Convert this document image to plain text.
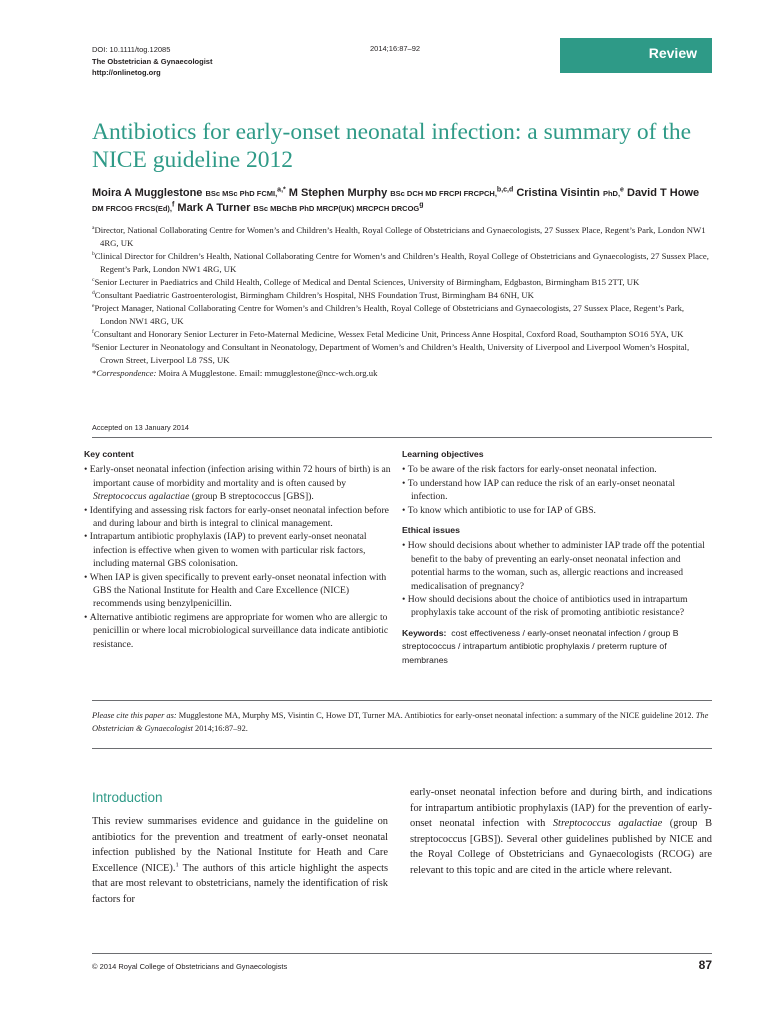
DOI: 10.1111/tog.12085
The Obstetrician & Gynaecologist
http://onlinetog.org
2014;16:87–92	Review
Antibiotics for early-onset neonatal infection: a summary of the NICE guideline 2012
Moira A Mugglestone BSc MSc PhD FCMI,$^{a,*}$ M Stephen Murphy BSc DCH MD FRCPI FRCPCH,$^{b,c,d}$ Cristina Visintin PhD,$^e$ David T Howe DM FRCOG FRCS(Ed),$^f$ Mark A Turner BSc MBChB PhD MRCP(UK) MRCPCH DRCOG$^g$
$^a$Director, National Collaborating Centre for Women’s and Children’s Health, Royal College of Obstetricians and Gynaecologists, 27 Sussex Place, Regent’s Park, London NW1 4RG, UK
$^b$Clinical Director for Children’s Health, National Collaborating Centre for Women’s and Children’s Health, Royal College of Obstetricians and Gynaecologists, 27 Sussex Place, Regent’s Park, London NW1 4RG, UK
$^c$Senior Lecturer in Paediatrics and Child Health, College of Medical and Dental Sciences, University of Birmingham, Edgbaston, Birmingham B15 2TT, UK
$^d$Consultant Paediatric Gastroenterologist, Birmingham Children’s Hospital, NHS Foundation Trust, Birmingham B4 6NH, UK
$^e$Project Manager, National Collaborating Centre for Women’s and Children’s Health, Royal College of Obstetricians and Gynaecologists, 27 Sussex Place, Regent’s Park, London NW1 4RG, UK
$^f$Consultant and Honorary Senior Lecturer in Feto-Maternal Medicine, Wessex Fetal Medicine Unit, Princess Anne Hospital, Coxford Road, Southampton SO16 5YA, UK
$^g$Senior Lecturer in Neonatology and Consultant in Neonatology, Department of Women’s and Children’s Health, University of Liverpool and Liverpool Women’s Hospital, Crown Street, Liverpool L8 7SS, UK
*Correspondence: Moira A Mugglestone. Email: mmugglestone@ncc-wch.org.uk
Accepted on 13 January 2014
Key content
• Early-onset neonatal infection (infection arising within 72 hours of birth) is an important cause of morbidity and mortality and is often caused by Streptococcus agalactiae (group B streptococcus [GBS]).
• Identifying and assessing risk factors for early-onset neonatal infection before and during labour and birth is integral to clinical management.
• Intrapartum antibiotic prophylaxis (IAP) to prevent early-onset neonatal infection is effective when given to women with particular risk factors, including maternal GBS colonisation.
• When IAP is given specifically to prevent early-onset neonatal infection with GBS the National Institute for Health and Care Excellence (NICE) recommends using benzylpenicillin.
• Alternative antibiotic regimens are appropriate for women who are allergic to penicillin or where local microbiological surveillance data indicate antibiotic resistance.
Learning objectives
• To be aware of the risk factors for early-onset neonatal infection.
• To understand how IAP can reduce the risk of an early-onset neonatal infection.
• To know which antibiotic to use for IAP of GBS.
Ethical issues
• How should decisions about whether to administer IAP trade off the potential benefit to the baby of preventing an early-onset neonatal infection and potential harms to the woman, such as, allergic reactions and increased medicalisation of pregnancy?
• How should decisions about the choice of antibiotics used in intrapartum prophylaxis take account of the risk of promoting antibiotic resistance?
Keywords: cost effectiveness / early-onset neonatal infection / group B streptococcus / intrapartum antibiotic prophylaxis / preterm rupture of membranes
Please cite this paper as: Mugglestone MA, Murphy MS, Visintin C, Howe DT, Turner MA. Antibiotics for early-onset neonatal infection: a summary of the NICE guideline 2012. The Obstetrician & Gynaecologist 2014;16:87–92.
Introduction
This review summarises evidence and guidance in the guideline on antibiotics for the prevention and treatment of early-onset neonatal infection published by the National Institute for Heath and Care Excellence (NICE).$^1$ The authors of this article highlight the aspects that are most relevant to obstetricians, namely the identification of risk factors for
early-onset neonatal infection before and during birth, and indications for intrapartum antibiotic prophylaxis (IAP) for the prevention of early-onset neonatal infection with Streptococcus agalactiae (group B streptococcus [GBS]). Several other guidelines published by NICE and the Royal College of Obstetricians and Gynaecologists (RCOG) are relevant to this topic and are cited in the article where relevant.
© 2014 Royal College of Obstetricians and Gynaecologists	87
